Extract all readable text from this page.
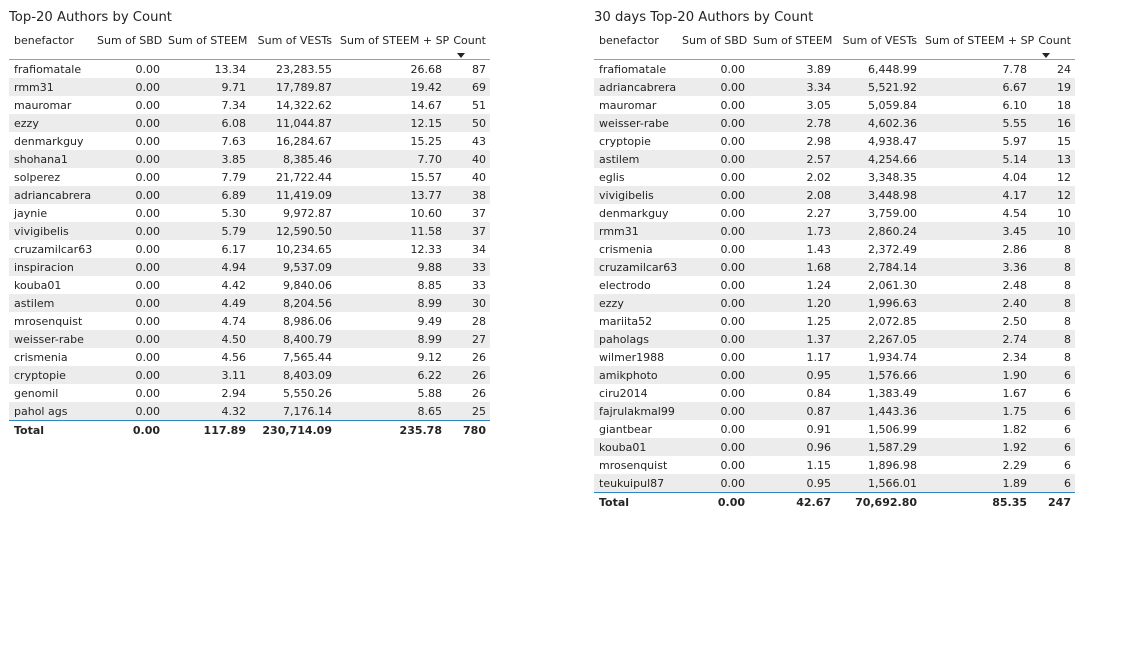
Top-20 Authors by Count
benefactor	Sum of SBD	Sum of STEEM	Sum of VESTs	Sum of STEEM + SP	Count

frafiomatale	0.00	13.34	23,283.55	26.68	87
rmm31	0.00	9.71	17,789.87	19.42	69
mauromar	0.00	7.34	14,322.62	14.67	51
ezzy	0.00	6.08	11,044.87	12.15	50
denmarkguy	0.00	7.63	16,284.67	15.25	43
shohana1	0.00	3.85	8,385.46	7.70	40
solperez	0.00	7.79	21,722.44	15.57	40
adriancabrera	0.00	6.89	11,419.09	13.77	38
jaynie	0.00	5.30	9,972.87	10.60	37
vivigibelis	0.00	5.79	12,590.50	11.58	37
cruzamilcar63	0.00	6.17	10,234.65	12.33	34
inspiracion	0.00	4.94	9,537.09	9.88	33
kouba01	0.00	4.42	9,840.06	8.85	33
astilem	0.00	4.49	8,204.56	8.99	30
mrosenquist	0.00	4.74	8,986.06	9.49	28
weisser-rabe	0.00	4.50	8,400.79	8.99	27
crismenia	0.00	4.56	7,565.44	9.12	26
cryptopie	0.00	3.11	8,403.09	6.22	26
genomil	0.00	2.94	5,550.26	5.88	26
pahol ags	0.00	4.32	7,176.14	8.65	25
Total	0.00	117.89	230,714.09	235.78	780
30 days Top-20 Authors by Count
benefactor	Sum of SBD	Sum of STEEM	Sum of VESTs	Sum of STEEM + SP	Count

frafiomatale	0.00	3.89	6,448.99	7.78	24
adriancabrera	0.00	3.34	5,521.92	6.67	19
mauromar	0.00	3.05	5,059.84	6.10	18
weisser-rabe	0.00	2.78	4,602.36	5.55	16
cryptopie	0.00	2.98	4,938.47	5.97	15
astilem	0.00	2.57	4,254.66	5.14	13
eglis	0.00	2.02	3,348.35	4.04	12
vivigibelis	0.00	2.08	3,448.98	4.17	12
denmarkguy	0.00	2.27	3,759.00	4.54	10
rmm31	0.00	1.73	2,860.24	3.45	10
crismenia	0.00	1.43	2,372.49	2.86	8
cruzamilcar63	0.00	1.68	2,784.14	3.36	8
electrodo	0.00	1.24	2,061.30	2.48	8
ezzy	0.00	1.20	1,996.63	2.40	8
mariita52	0.00	1.25	2,072.85	2.50	8
paholags	0.00	1.37	2,267.05	2.74	8
wilmer1988	0.00	1.17	1,934.74	2.34	8
amikphoto	0.00	0.95	1,576.66	1.90	6
ciru2014	0.00	0.84	1,383.49	1.67	6
fajrulakmal99	0.00	0.87	1,443.36	1.75	6
giantbear	0.00	0.91	1,506.99	1.82	6
kouba01	0.00	0.96	1,587.29	1.92	6
mrosenquist	0.00	1.15	1,896.98	2.29	6
teukuipul87	0.00	0.95	1,566.01	1.89	6
Total	0.00	42.67	70,692.80	85.35	247
